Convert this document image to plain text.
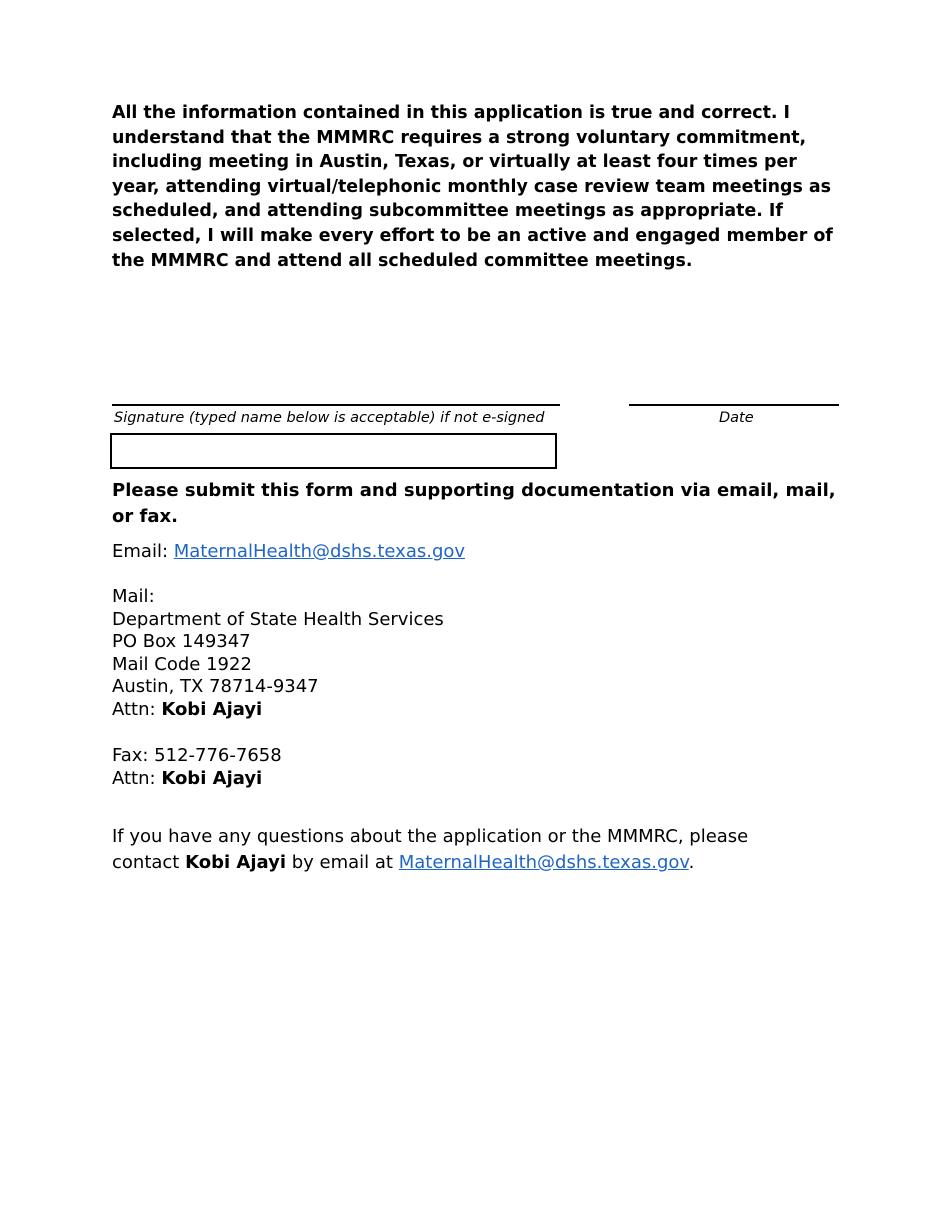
All the information contained in this application is true and correct. I understand that the MMMRC requires a strong voluntary commitment, including meeting in Austin, Texas, or virtually at least four times per year, attending virtual/telephonic monthly case review team meetings as scheduled, and attending subcommittee meetings as appropriate. If selected, I will make every effort to be an active and engaged member of the MMMRC and attend all scheduled committee meetings.

Signature (typed name below is acceptable) if not e-signed	Date

Please submit this form and supporting documentation via email, mail, or fax.

Email: MaternalHealth@dshs.texas.gov
Mail:
Department of State Health Services
PO Box 149347
Mail Code 1922
Austin, TX 78714-9347
Attn: Kobi Ajayi
Fax: 512-776-7658
Attn: Kobi Ajayi

If you have any questions about the application or the MMMRC, please contact Kobi Ajayi by email at MaternalHealth@dshs.texas.gov.
